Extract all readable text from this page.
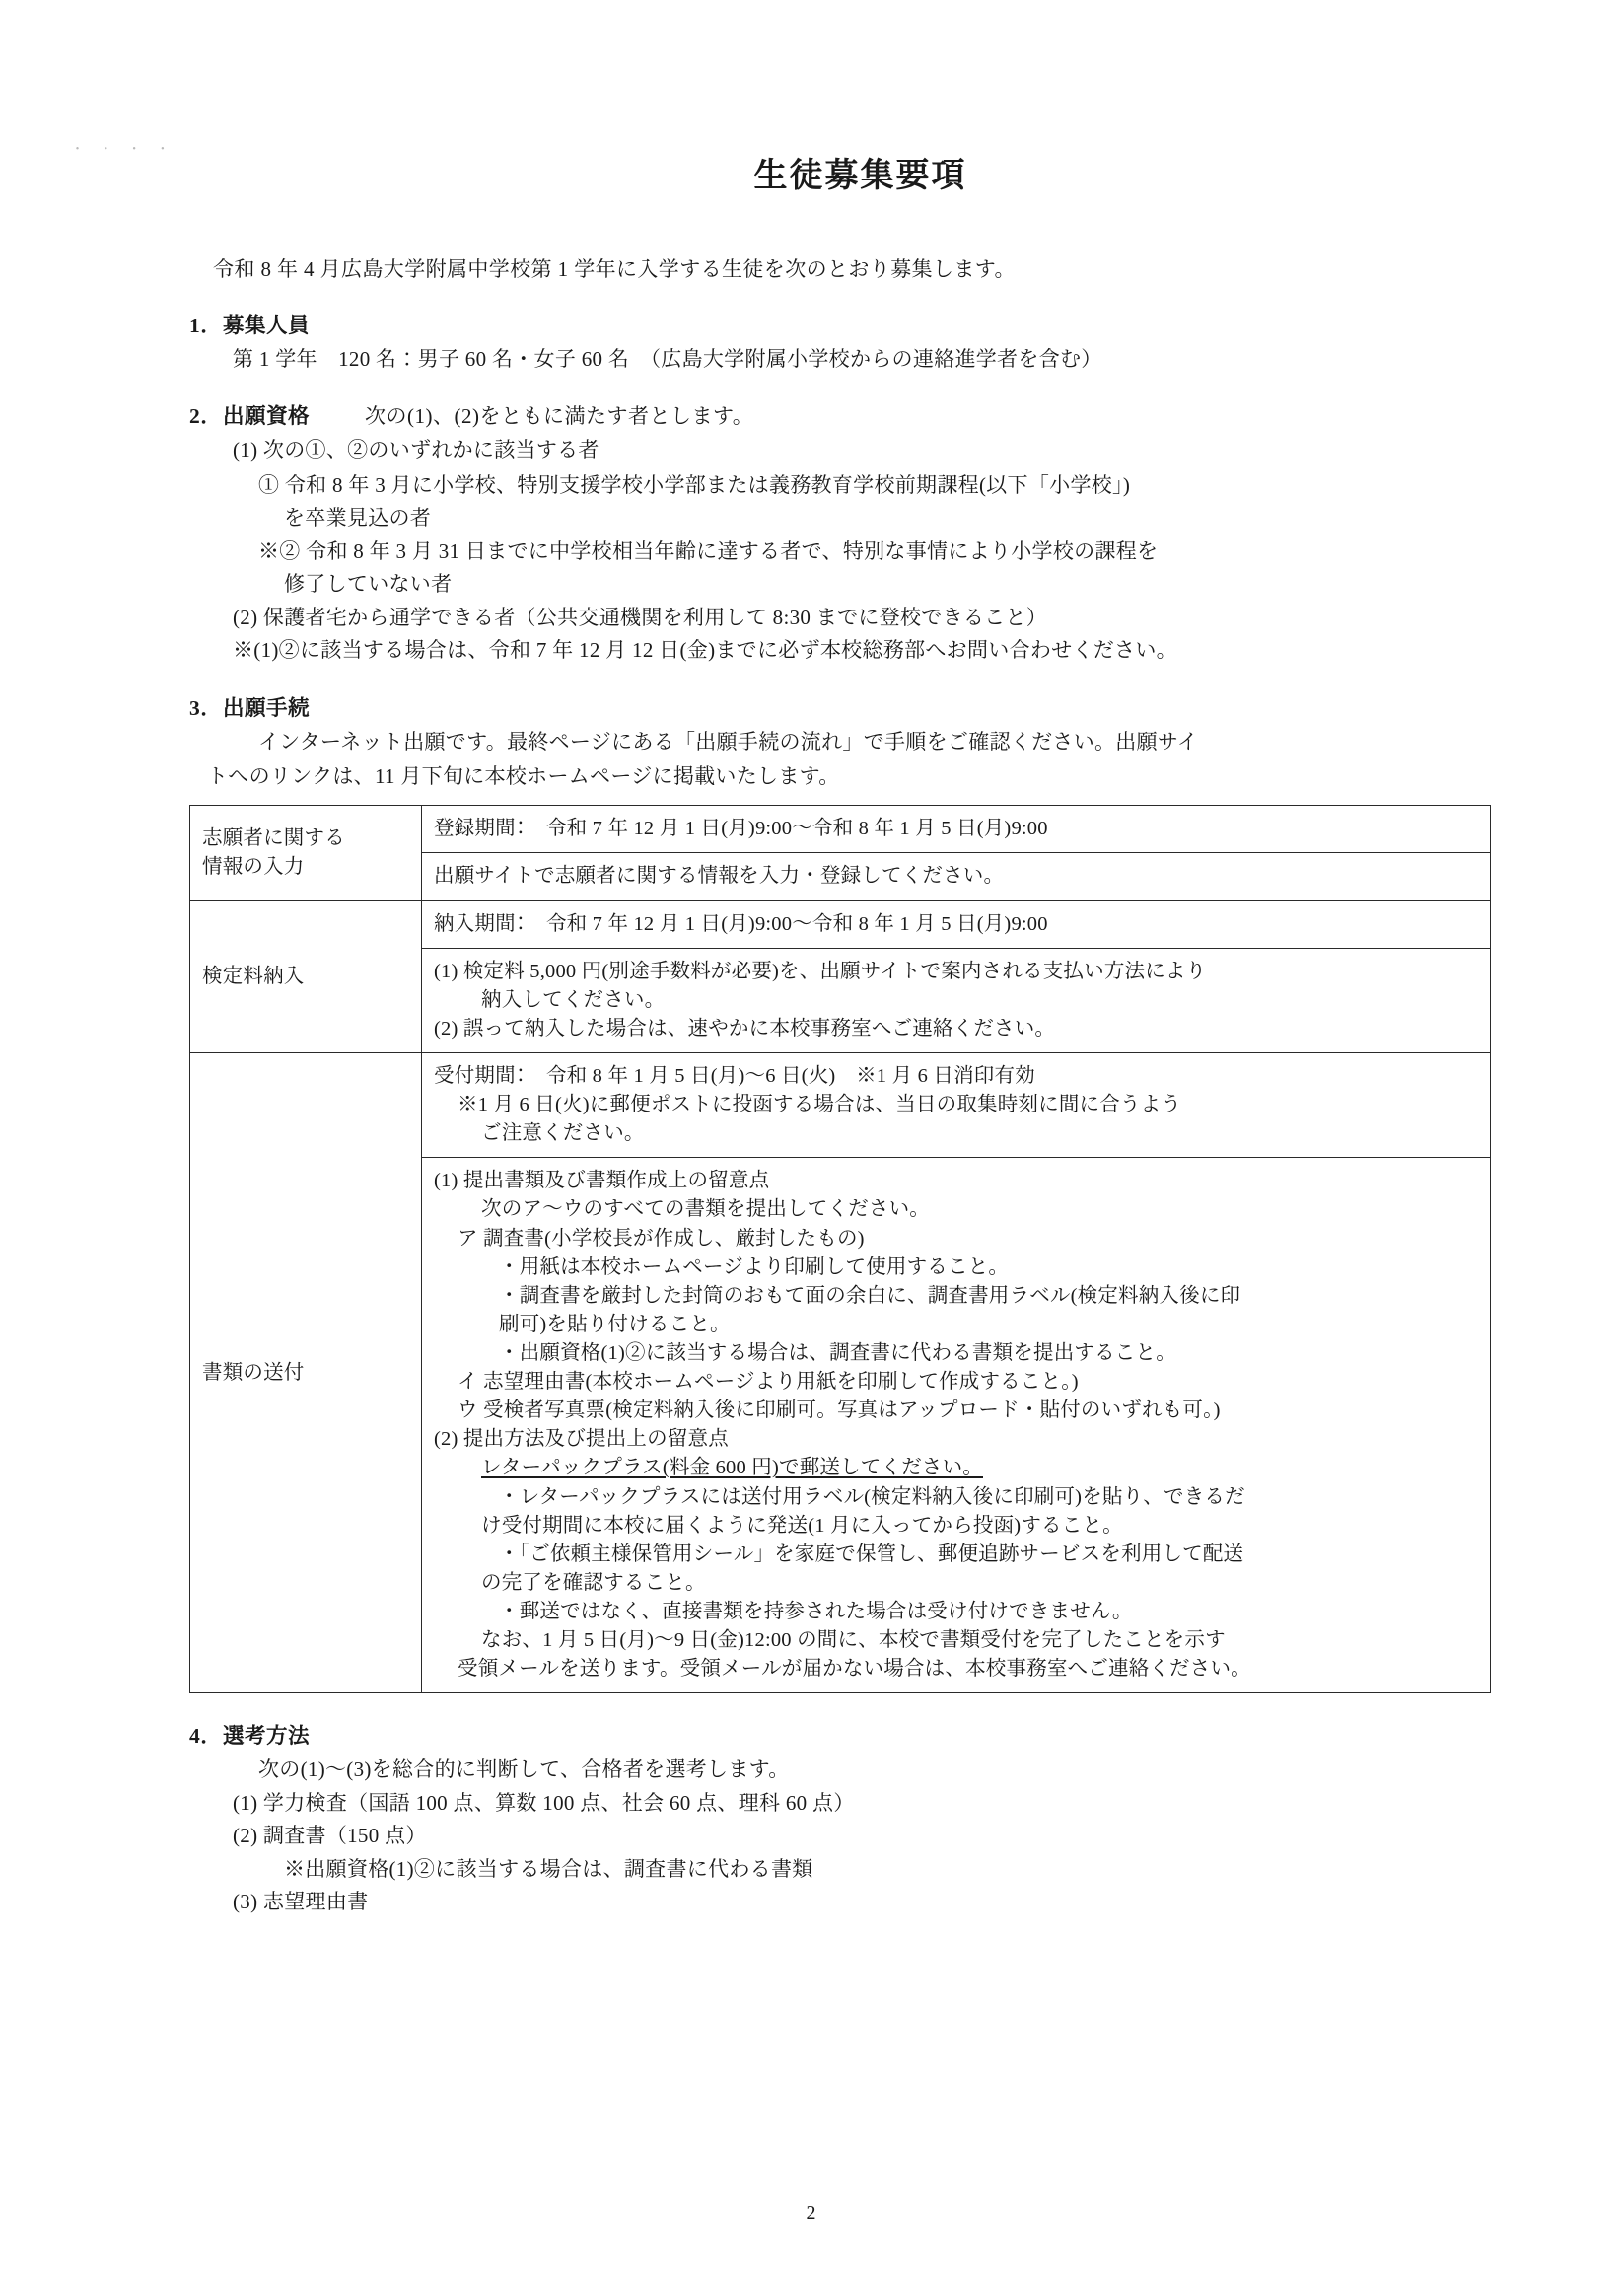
・ ・ ・ ・
生徒募集要項
令和 8 年 4 月広島大学附属中学校第 1 学年に入学する生徒を次のとおり募集します。
1．募集人員
第 1 学年　120 名：男子 60 名・女子 60 名　（広島大学附属小学校からの連絡進学者を含む）
2．出願資格	次の(1)、(2)をともに満たす者とします。
(1) 次の①、②のいずれかに該当する者
① 令和 8 年 3 月に小学校、特別支援学校小学部または義務教育学校前期課程(以下「小学校」)
を卒業見込の者
※② 令和 8 年 3 月 31 日までに中学校相当年齢に達する者で、特別な事情により小学校の課程を
修了していない者
(2) 保護者宅から通学できる者（公共交通機関を利用して 8:30 までに登校できること）
※(1)②に該当する場合は、令和 7 年 12 月 12 日(金)までに必ず本校総務部へお問い合わせください。
3．出願手続
インターネット出願です。最終ページにある「出願手続の流れ」で手順をご確認ください。出願サイ
トへのリンクは、11 月下旬に本校ホームページに掲載いたします。
志願者に関する
情報の入力	登録期間：　令和 7 年 12 月 1 日(月)9:00～令和 8 年 1 月 5 日(月)9:00

	出願サイトで志願者に関する情報を入力・登録してください。

検定料納入	納入期間：　令和 7 年 12 月 1 日(月)9:00～令和 8 年 1 月 5 日(月)9:00

	(1) 検定料 5,000 円(別途手数料が必要)を、出願サイトで案内される支払い方法により
納入してください。
(2) 誤って納入した場合は、速やかに本校事務室へご連絡ください。

書類の送付	受付期間：　令和 8 年 1 月 5 日(月)～6 日(火)　※1 月 6 日消印有効
※1 月 6 日(火)に郵便ポストに投函する場合は、当日の取集時刻に間に合うよう
ご注意ください。

(1) 提出書類及び書類作成上の留意点
次のア～ウのすべての書類を提出してください。
ア 調査書(小学校長が作成し、厳封したもの)
・用紙は本校ホームページより印刷して使用すること。
・調査書を厳封した封筒のおもて面の余白に、調査書用ラベル(検定料納入後に印
刷可)を貼り付けること。
・出願資格(1)②に該当する場合は、調査書に代わる書類を提出すること。
イ 志望理由書(本校ホームページより用紙を印刷して作成すること。)
ウ 受検者写真票(検定料納入後に印刷可。写真はアップロード・貼付のいずれも可。)
(2) 提出方法及び提出上の留意点
レターパックプラス(料金 600 円)で郵送してください。
・レターパックプラスには送付用ラベル(検定料納入後に印刷可)を貼り、できるだ
け受付期間に本校に届くように発送(1 月に入ってから投函)すること。
・「ご依頼主様保管用シール」を家庭で保管し、郵便追跡サービスを利用して配送
の完了を確認すること。
・郵送ではなく、直接書類を持参された場合は受け付けできません。
なお、1 月 5 日(月)～9 日(金)12:00 の間に、本校で書類受付を完了したことを示す
受領メールを送ります。受領メールが届かない場合は、本校事務室へご連絡ください。
4．選考方法
次の(1)～(3)を総合的に判断して、合格者を選考します。
(1) 学力検査（国語 100 点、算数 100 点、社会 60 点、理科 60 点）
(2) 調査書（150 点）
※出願資格(1)②に該当する場合は、調査書に代わる書類
(3) 志望理由書
2
